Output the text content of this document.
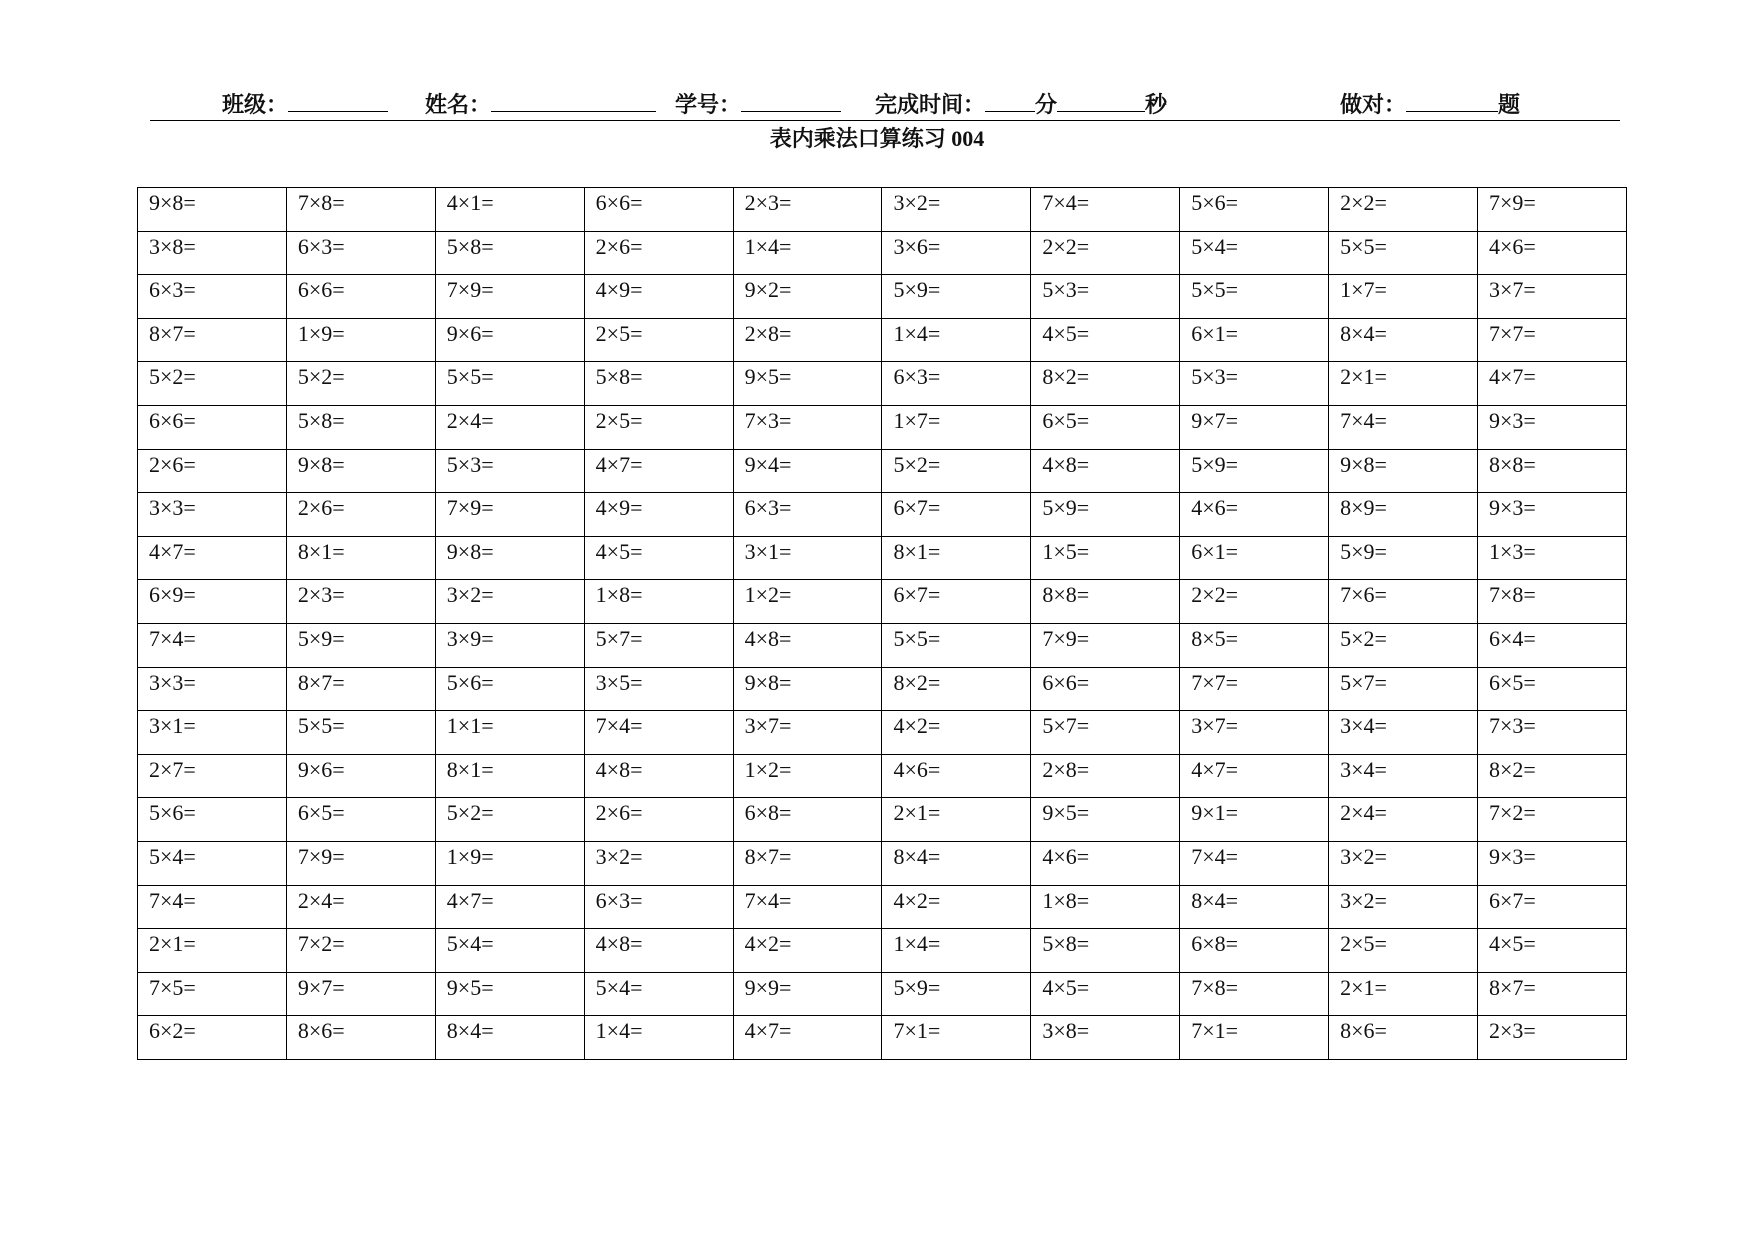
班级：	姓名：	学号：	完成时间： 分	秒	做对：	题
表内乘法口算练习 004
9×8=	7×8=	4×1=	6×6=	2×3=	3×2=	7×4=	5×6=	2×2=	7×9=
3×8=	6×3=	5×8=	2×6=	1×4=	3×6=	2×2=	5×4=	5×5=	4×6=
6×3=	6×6=	7×9=	4×9=	9×2=	5×9=	5×3=	5×5=	1×7=	3×7=
8×7=	1×9=	9×6=	2×5=	2×8=	1×4=	4×5=	6×1=	8×4=	7×7=
5×2=	5×2=	5×5=	5×8=	9×5=	6×3=	8×2=	5×3=	2×1=	4×7=
6×6=	5×8=	2×4=	2×5=	7×3=	1×7=	6×5=	9×7=	7×4=	9×3=
2×6=	9×8=	5×3=	4×7=	9×4=	5×2=	4×8=	5×9=	9×8=	8×8=
3×3=	2×6=	7×9=	4×9=	6×3=	6×7=	5×9=	4×6=	8×9=	9×3=
4×7=	8×1=	9×8=	4×5=	3×1=	8×1=	1×5=	6×1=	5×9=	1×3=
6×9=	2×3=	3×2=	1×8=	1×2=	6×7=	8×8=	2×2=	7×6=	7×8=
7×4=	5×9=	3×9=	5×7=	4×8=	5×5=	7×9=	8×5=	5×2=	6×4=
3×3=	8×7=	5×6=	3×5=	9×8=	8×2=	6×6=	7×7=	5×7=	6×5=
3×1=	5×5=	1×1=	7×4=	3×7=	4×2=	5×7=	3×7=	3×4=	7×3=
2×7=	9×6=	8×1=	4×8=	1×2=	4×6=	2×8=	4×7=	3×4=	8×2=
5×6=	6×5=	5×2=	2×6=	6×8=	2×1=	9×5=	9×1=	2×4=	7×2=
5×4=	7×9=	1×9=	3×2=	8×7=	8×4=	4×6=	7×4=	3×2=	9×3=
7×4=	2×4=	4×7=	6×3=	7×4=	4×2=	1×8=	8×4=	3×2=	6×7=
2×1=	7×2=	5×4=	4×8=	4×2=	1×4=	5×8=	6×8=	2×5=	4×5=
7×5=	9×7=	9×5=	5×4=	9×9=	5×9=	4×5=	7×8=	2×1=	8×7=
6×2=	8×6=	8×4=	1×4=	4×7=	7×1=	3×8=	7×1=	8×6=	2×3=
